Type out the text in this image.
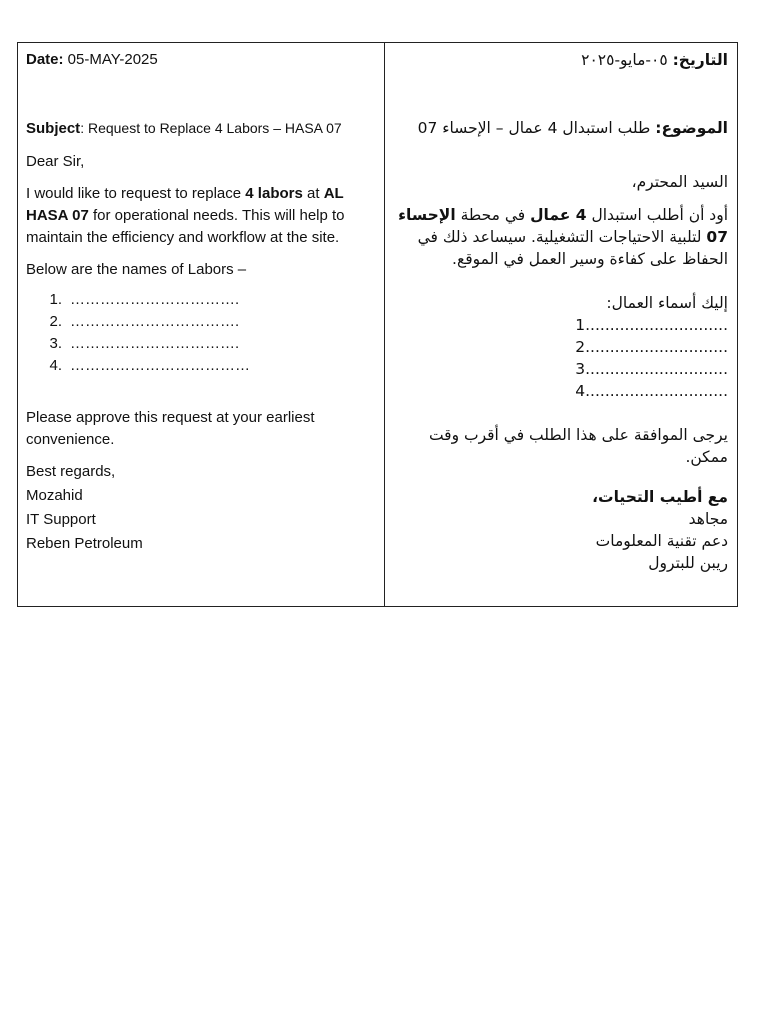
Date: 05-MAY-2025

Subject: Request to Replace 4 Labors – HASA 07

Dear Sir,

I would like to request to replace 4 labors at AL HASA 07 for operational needs. This will help to maintain the efficiency and workflow at the site.

Below are the names of Labors –

1. …………………………….
2. …………………………….
3. …………………………….
4. ………………………………

Please approve this request at your earliest convenience.

Best regards,

Mozahid

IT Support

Reben Petroleum

التاريخ: ٠٥-مايو-٢٠٢٥

الموضوع: طلب استبدال 4 عمال – الإحساء 07

السيد المحترم،

أود أن أطلب استبدال 4 عمال في محطة الإحساء 07 لتلبية الاحتياجات التشغيلية. سيساعد ذلك في الحفاظ على كفاءة وسير العمل في الموقع.

إليك أسماء العمال:

1.............................
2.............................
3.............................
4.............................

يرجى الموافقة على هذا الطلب في أقرب وقت ممكن.

مع أطيب التحيات،

مجاهد

دعم تقنية المعلومات

ريبن للبترول
